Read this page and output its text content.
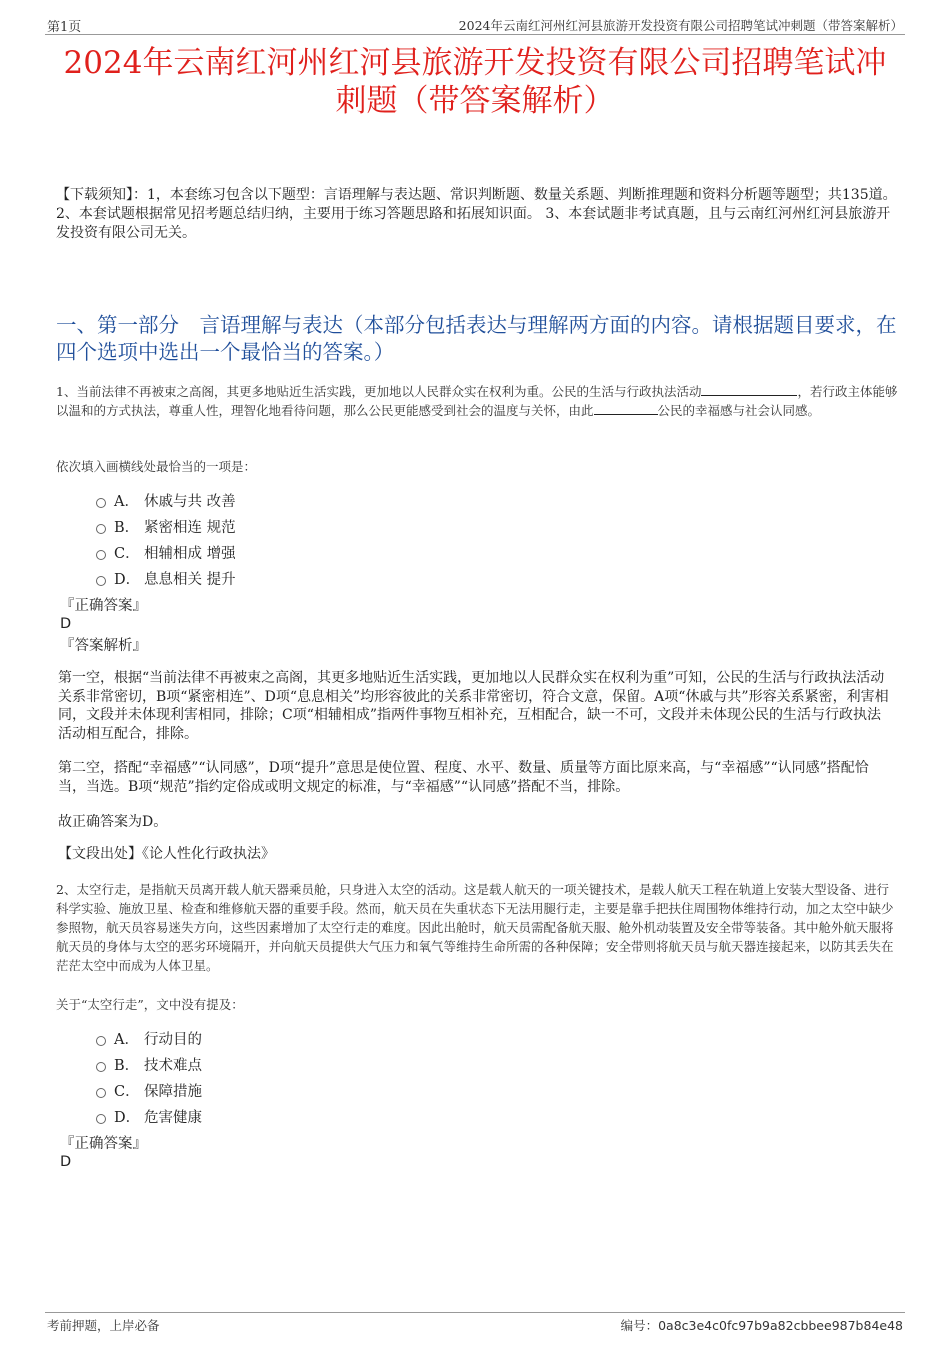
第1页	2024年云南红河州红河县旅游开发投资有限公司招聘笔试冲刺题（带答案解析）
2024年云南红河州红河县旅游开发投资有限公司招聘笔试冲刺题（带答案解析）
【下载须知】：1，本套练习包含以下题型：言语理解与表达题、常识判断题、数量关系题、判断推理题和资料分析题等题型；共135道。 2、本套试题根据常见招考题总结归纳，主要用于练习答题思路和拓展知识面。 3、本套试题非考试真题，且与云南红河州红河县旅游开发投资有限公司无关。
一、第一部分　言语理解与表达（本部分包括表达与理解两方面的内容。请根据题目要求，在四个选项中选出一个最恰当的答案。）
1、当前法律不再被束之高阁，其更多地贴近生活实践，更加地以人民群众实在权利为重。公民的生活与行政执法活动	，若行政主体能够以温和的方式执法，尊重人性，理智化地看待问题，那么公民更能感受到社会的温度与关怀，由此	公民的幸福感与社会认同感。
依次填入画横线处最恰当的一项是：
A． 休戚与共 改善
B． 紧密相连 规范
C． 相辅相成 增强
D． 息息相关 提升
『正确答案』
D
『答案解析』
第一空，根据“当前法律不再被束之高阁，其更多地贴近生活实践，更加地以人民群众实在权利为重”可知，公民的生活与行政执法活动关系非常密切，B项“紧密相连”、D项“息息相关”均形容彼此的关系非常密切，符合文意，保留。A项“休戚与共”形容关系紧密，利害相同，文段并未体现利害相同，排除；C项“相辅相成”指两件事物互相补充，互相配合，缺一不可，文段并未体现公民的生活与行政执法活动相互配合，排除。
第二空，搭配“幸福感”“认同感”，D项“提升”意思是使位置、程度、水平、数量、质量等方面比原来高，与“幸福感”“认同感”搭配恰当，当选。B项“规范”指约定俗成或明文规定的标准，与“幸福感”“认同感”搭配不当，排除。
故正确答案为D。
【文段出处】《论人性化行政执法》
2、太空行走，是指航天员离开载人航天器乘员舱，只身进入太空的活动。这是载人航天的一项关键技术，是载人航天工程在轨道上安装大型设备、进行科学实验、施放卫星、检查和维修航天器的重要手段。然而，航天员在失重状态下无法用腿行走，主要是靠手把扶住周围物体维持行动，加之太空中缺少参照物，航天员容易迷失方向，这些因素增加了太空行走的难度。因此出舱时，航天员需配备航天服、舱外机动装置及安全带等装备。其中舱外航天服将航天员的身体与太空的恶劣环境隔开，并向航天员提供大气压力和氧气等维持生命所需的各种保障；安全带则将航天员与航天器连接起来，以防其丢失在茫茫太空中而成为人体卫星。
关于“太空行走”，文中没有提及：
A． 行动目的
B． 技术难点
C． 保障措施
D． 危害健康
『正确答案』
D
考前押题，上岸必备	编号：0a8c3e4c0fc97b9a82cbbee987b84e48
